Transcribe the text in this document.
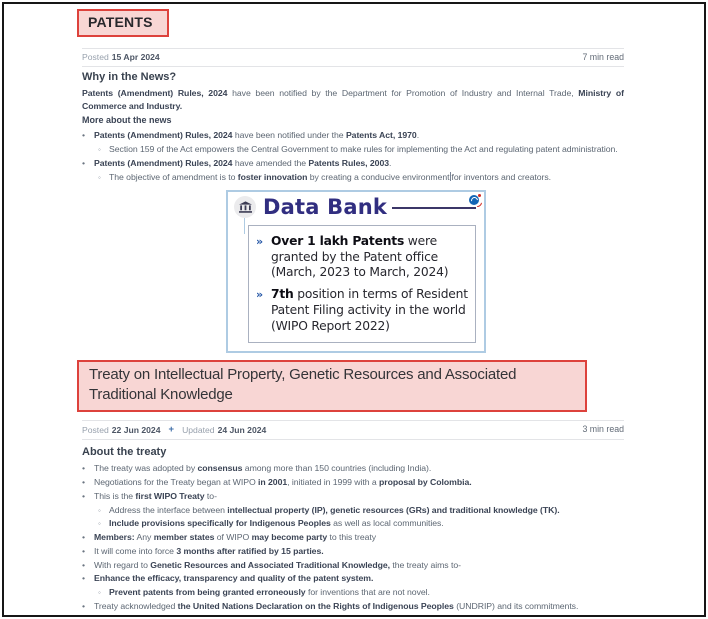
PATENTS
Posted 15 Apr 2024	7 min read
Why in the News?

Patents (Amendment) Rules, 2024 have been notified by the Department for Promotion of Industry and Internal Trade, Ministry of Commerce and Industry.

More about the news
•	Patents (Amendment) Rules, 2024 have been notified under the Patents Act, 1970.
◦ Section 159 of the Act empowers the Central Government to make rules for implementing the Act and regulating patent administration.
•	Patents (Amendment) Rules, 2024 have amended the Patents Rules, 2003.
◦ The objective of amendment is to foster innovation by creating a conducive environment for inventors and creators.
Data Bank
» Over 1 lakh Patents were granted by the Patent office (March, 2023 to March, 2024)
» 7th position in terms of Resident Patent Filing activity in the world (WIPO Report 2022)
Treaty on Intellectual Property, Genetic Resources and Associated Traditional Knowledge
Posted 22 Jun 2024 + Updated 24 Jun 2024	3 min read
About the treaty
•	The treaty was adopted by consensus among more than 150 countries (including India).
•	Negotiations for the Treaty began at WIPO in 2001, initiated in 1999 with a proposal by Colombia.
•	This is the first WIPO Treaty to-
◦ Address the interface between intellectual property (IP), genetic resources (GRs) and traditional knowledge (TK).
◦ Include provisions specifically for Indigenous Peoples as well as local communities.
•	Members: Any member states of WIPO may become party to this treaty
•	It will come into force 3 months after ratified by 15 parties.
•	With regard to Genetic Resources and Associated Traditional Knowledge, the treaty aims to-
•	Enhance the efficacy, transparency and quality of the patent system.
◦ Prevent patents from being granted erroneously for inventions that are not novel.
•	Treaty acknowledged the United Nations Declaration on the Rights of Indigenous Peoples (UNDRIP) and its commitments.
